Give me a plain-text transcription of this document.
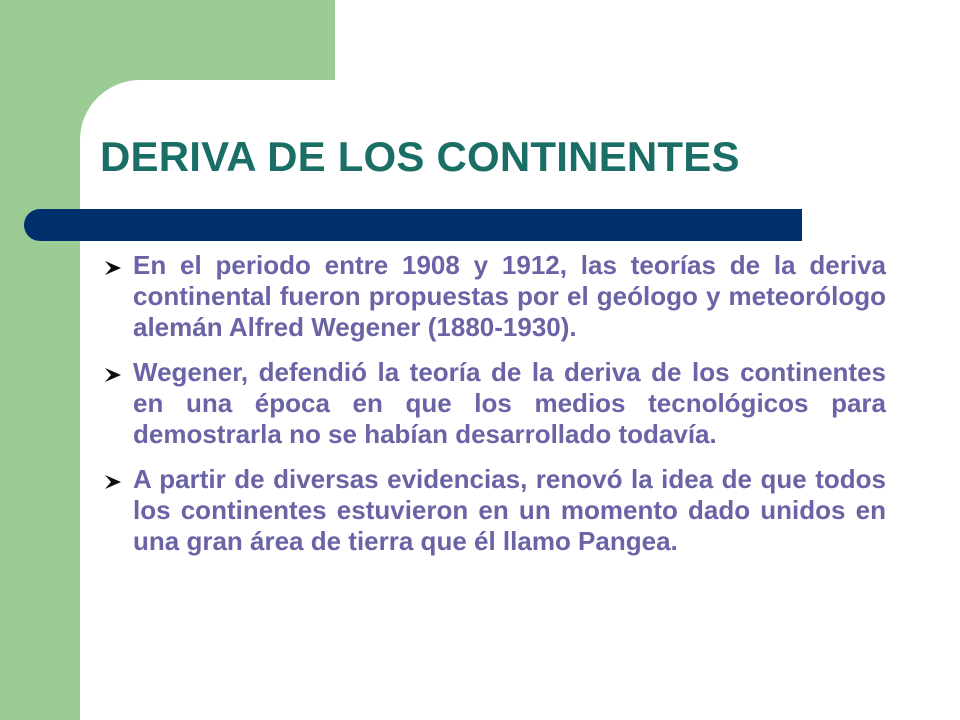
DERIVA DE LOS CONTINENTES
En el periodo entre 1908 y 1912, las teorías de la deriva continental fueron propuestas por el geólogo y meteorólogo alemán Alfred Wegener (1880-1930).
Wegener, defendió la teoría de la deriva de los continentes en una época en que los medios tecnológicos para demostrarla no se habían desarrollado todavía.
A partir de diversas evidencias, renovó la idea de que todos los continentes estuvieron en un momento dado unidos en una gran área de tierra que él llamo Pangea.
